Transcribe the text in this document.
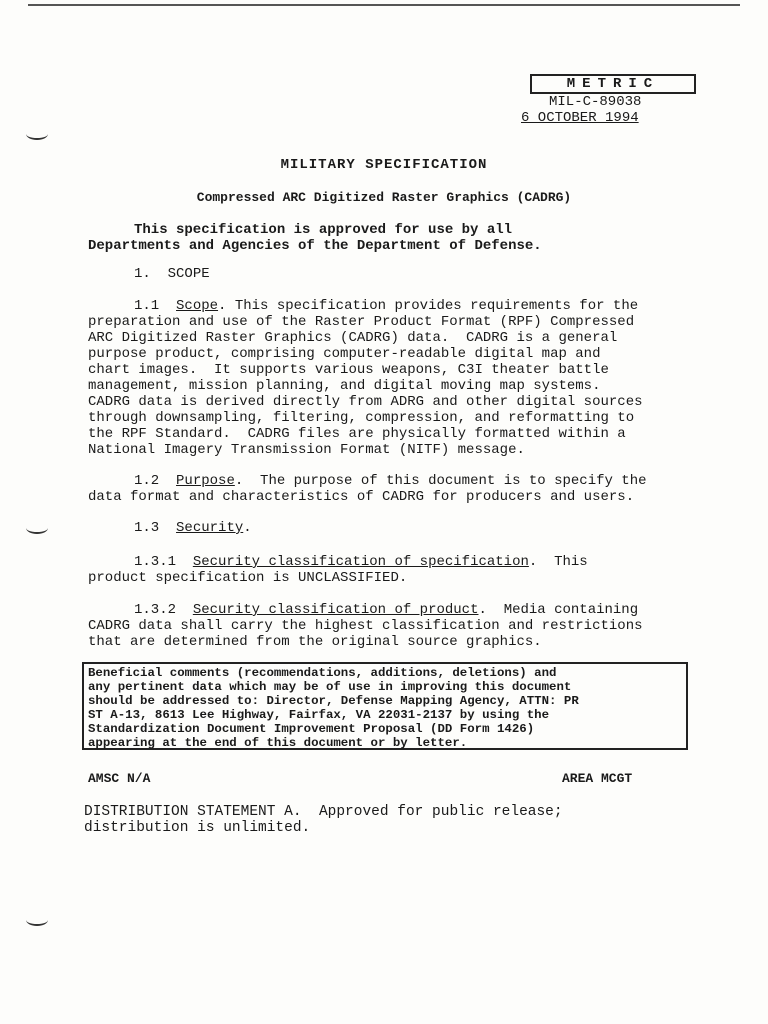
METRIC
MIL-C-89038
6 OCTOBER 1994
MILITARY SPECIFICATION
Compressed ARC Digitized Raster Graphics (CADRG)
This specification is approved for use by all
Departments and Agencies of the Department of Defense.
1. SCOPE
1.1 Scope. This specification provides requirements for the
preparation and use of the Raster Product Format (RPF) Compressed
ARC Digitized Raster Graphics (CADRG) data.  CADRG is a general
purpose product, comprising computer-readable digital map and
chart images.  It supports various weapons, C3I theater battle
management, mission planning, and digital moving map systems.
CADRG data is derived directly from ADRG and other digital sources
through downsampling, filtering, compression, and reformatting to
the RPF Standard.  CADRG files are physically formatted within a
National Imagery Transmission Format (NITF) message.
1.2 Purpose.  The purpose of this document is to specify the
data format and characteristics of CADRG for producers and users.
1.3 Security.
1.3.1 Security classification of specification.  This
product specification is UNCLASSIFIED.
1.3.2 Security classification of product.  Media containing
CADRG data shall carry the highest classification and restrictions
that are determined from the original source graphics.
Beneficial comments (recommendations, additions, deletions) and
any pertinent data which may be of use in improving this document
should be addressed to: Director, Defense Mapping Agency, ATTN: PR
ST A-13, 8613 Lee Highway, Fairfax, VA 22031-2137 by using the
Standardization Document Improvement Proposal (DD Form 1426)
appearing at the end of this document or by letter.
AMSC N/A	AREA MCGT
DISTRIBUTION STATEMENT A.  Approved for public release;
distribution is unlimited.
